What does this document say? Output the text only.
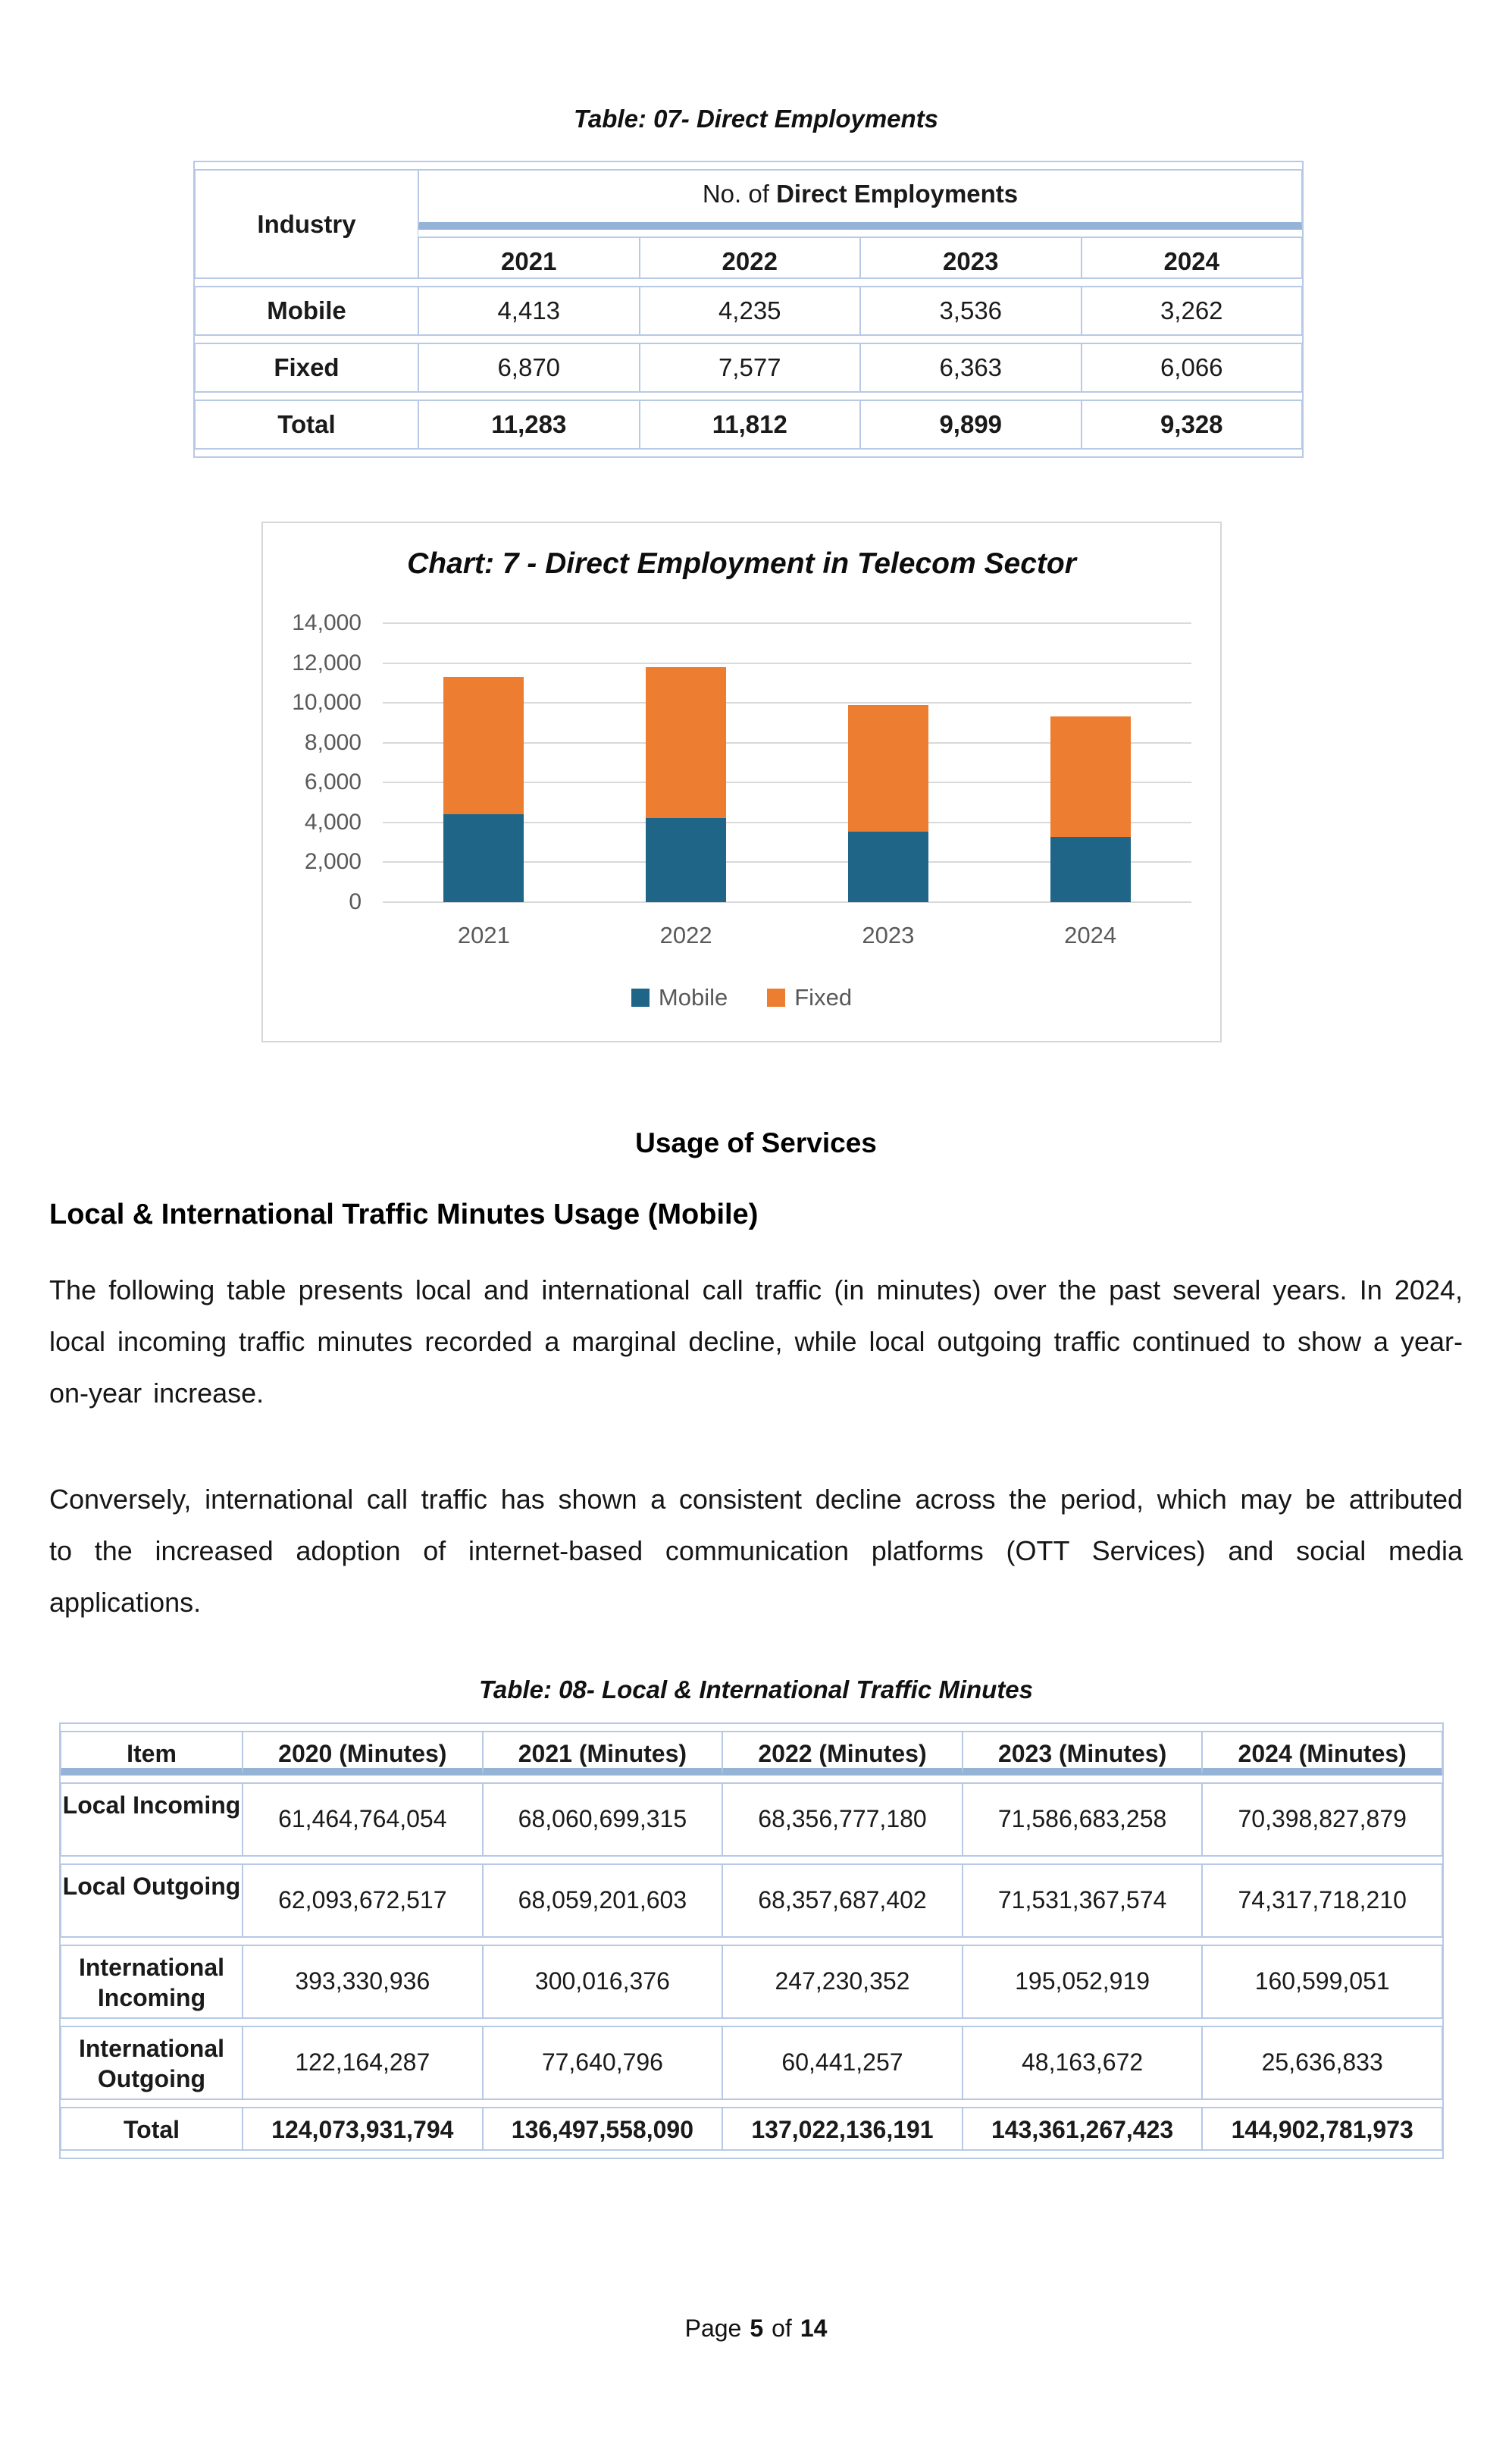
Table: 07- Direct Employments
Industry	No. of Direct Employments			
	2021	2022	2023	2024
Mobile	4,413	4,235	3,536	3,262
Fixed	6,870	7,577	6,363	6,066
Total	11,283	11,812	9,899	9,328
Chart: 7 - Direct Employment in Telecom Sector
0
2,000
4,000
6,000
8,000
10,000
12,000
14,000
2021	2022	2023	2024
Mobile	Fixed
Usage of Services
Local & International Traffic Minutes Usage (Mobile)

The following table presents local and international call traffic (in minutes) over the past several years. In 2024, local incoming traffic minutes recorded a marginal decline, while local outgoing traffic continued to show a year-on-year increase.

Conversely, international call traffic has shown a consistent decline across the period, which may be attributed to the increased adoption of internet-based communication platforms (OTT Services) and social media applications.

Table: 08- Local & International Traffic Minutes
Item	2020 (Minutes)	2021 (Minutes)	2022 (Minutes)	2023 (Minutes)	2024 (Minutes)
Local Incoming	61,464,764,054	68,060,699,315	68,356,777,180	71,586,683,258	70,398,827,879
Local Outgoing	62,093,672,517	68,059,201,603	68,357,687,402	71,531,367,574	74,317,718,210
International Incoming	393,330,936	300,016,376	247,230,352	195,052,919	160,599,051
International Outgoing	122,164,287	77,640,796	60,441,257	48,163,672	25,636,833
Total	124,073,931,794	136,497,558,090	137,022,136,191	143,361,267,423	144,902,781,973
Page 5 of 14
